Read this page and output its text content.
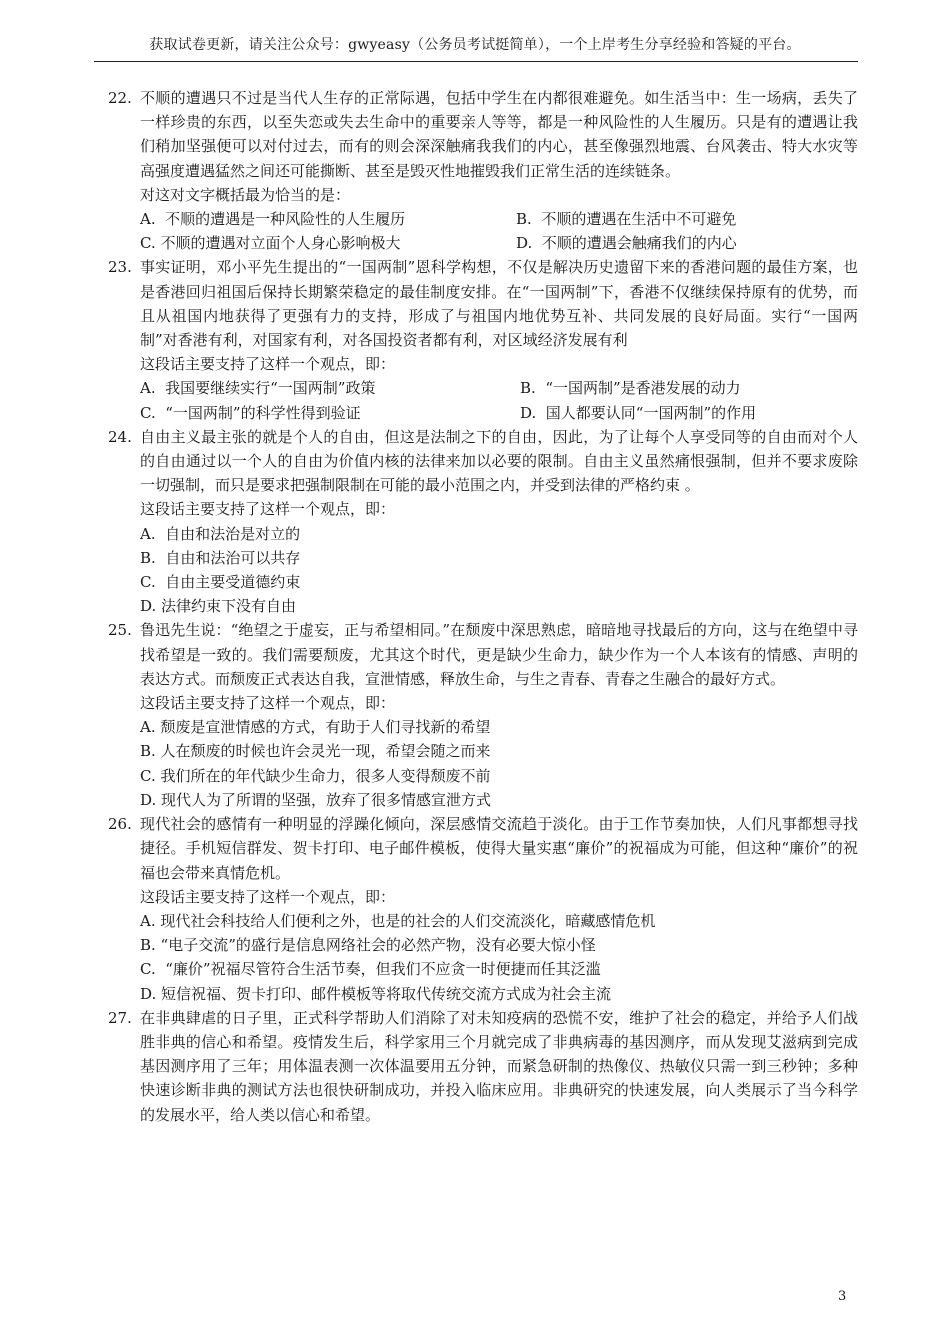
获取试卷更新，请关注公众号：gwyeasy（公务员考试挺简单），一个上岸考生分享经验和答疑的平台。
22. 不顺的遭遇只不过是当代人生存的正常际遇，包括中学生在内都很难避免。如生活当中：生一场病，丢失了一样珍贵的东西，以至失恋或失去生命中的重要亲人等等，都是一种风险性的人生履历。只是有的遭遇让我们稍加坚强便可以对付过去，而有的则会深深触痛我我们的内心，甚至像强烈地震、台风袭击、特大水灾等高强度遭遇猛然之间还可能撕断、甚至是毁灭性地摧毁我们正常生活的连续链条。
对这对文字概括最为恰当的是：
A.  不顺的遭遇是一种风险性的人生履历	B.  不顺的遭遇在生活中不可避免
C. 不顺的遭遇对立面个人身心影响极大	D.  不顺的遭遇会触痛我们的内心
23. 事实证明，邓小平先生提出的“一国两制”恩科学构想，不仅是解决历史遗留下来的香港问题的最佳方案，也是香港回归祖国后保持长期繁荣稳定的最佳制度安排。在“一国两制”下，香港不仅继续保持原有的优势，而且从祖国内地获得了更强有力的支持，形成了与祖国内地优势互补、共同发展的良好局面。实行“一国两制”对香港有利，对国家有利，对各国投资者都有利，对区域经济发展有利
这段话主要支持了这样一个观点，即：
A.  我国要继续实行“一国两制”政策	B.  “一国两制”是香港发展的动力
C.  “一国两制”的科学性得到验证	D.  国人都要认同“一国两制”的作用
24. 自由主义最主张的就是个人的自由，但这是法制之下的自由，因此，为了让每个人享受同等的自由而对个人的自由通过以一个人的自由为价值内核的法律来加以必要的限制。自由主义虽然痛恨强制，但并不要求废除一切强制，而只是要求把强制限制在可能的最小范围之内，并受到法律的严格约束 。
这段话主要支持了这样一个观点，即：
A.  自由和法治是对立的
B.  自由和法治可以共存
C.  自由主要受道德约束
D. 法律约束下没有自由
25. 鲁迅先生说：“绝望之于虚妄，正与希望相同。”在颓废中深思熟虑，暗暗地寻找最后的方向，这与在绝望中寻找希望是一致的。我们需要颓废，尤其这个时代，更是缺少生命力，缺少作为一个人本该有的情感、声明的表达方式。而颓废正式表达自我，宣泄情感，释放生命，与生之青春、青春之生融合的最好方式。
这段话主要支持了这样一个观点，即：
A. 颓废是宣泄情感的方式，有助于人们寻找新的希望
B. 人在颓废的时候也许会灵光一现，希望会随之而来
C. 我们所在的年代缺少生命力，很多人变得颓废不前
D. 现代人为了所谓的坚强，放弃了很多情感宣泄方式
26. 现代社会的感情有一种明显的浮躁化倾向，深层感情交流趋于淡化。由于工作节奏加快，人们凡事都想寻找捷径。手机短信群发、贺卡打印、电子邮件模板，使得大量实惠“廉价”的祝福成为可能，但这种“廉价”的祝福也会带来真情危机。
这段话主要支持了这样一个观点，即：
A. 现代社会科技给人们便利之外，也是的社会的人们交流淡化，暗藏感情危机
B. “电子交流”的盛行是信息网络社会的必然产物，没有必要大惊小怪
C.  “廉价”祝福尽管符合生活节奏，但我们不应贪一时便捷而任其泛滥
D. 短信祝福、贺卡打印、邮件模板等将取代传统交流方式成为社会主流
27. 在非典肆虐的日子里，正式科学帮助人们消除了对未知疫病的恐慌不安，维护了社会的稳定，并给予人们战胜非典的信心和希望。疫情发生后，科学家用三个月就完成了非典病毒的基因测序，而从发现艾滋病到完成基因测序用了三年；用体温表测一次体温要用五分钟，而紧急研制的热像仪、热敏仪只需一到三秒钟；多种快速诊断非典的测试方法也很快研制成功，并投入临床应用。非典研究的快速发展，向人类展示了当今科学的发展水平，给人类以信心和希望。
3
